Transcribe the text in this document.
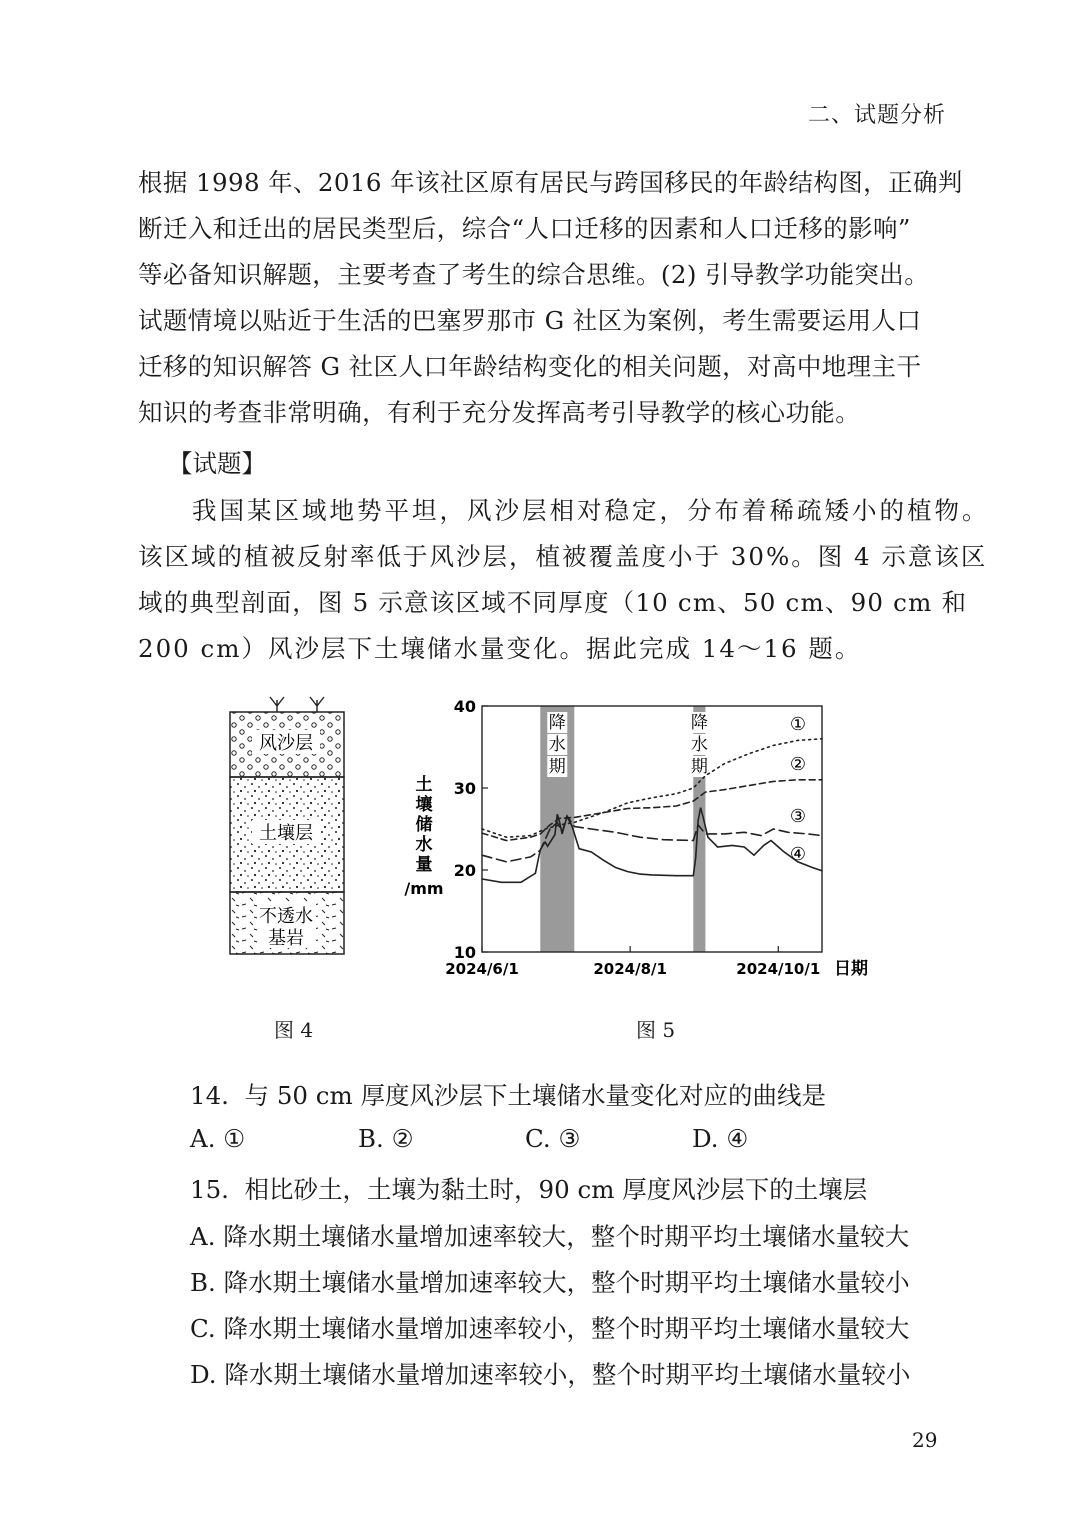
二、试题分析

根据 1998 年、2016 年该社区原有居民与跨国移民的年龄结构图，正确判
断迁入和迁出的居民类型后，综合“人口迁移的因素和人口迁移的影响”
等必备知识解题，主要考查了考生的综合思维。(2) 引导教学功能突出。
试题情境以贴近于生活的巴塞罗那市 G 社区为案例，考生需要运用人口
迁移的知识解答 G 社区人口年龄结构变化的相关问题，对高中地理主干
知识的考查非常明确，有利于充分发挥高考引导教学的核心功能。

【试题】

我国某区域地势平坦，风沙层相对稳定，分布着稀疏矮小的植物。
该区域的植被反射率低于风沙层，植被覆盖度小于 30%。图 4 示意该区
域的典型剖面，图 5 示意该区域不同厚度（10 cm、50 cm、90 cm 和
200 cm）风沙层下土壤储水量变化。据此完成 14～16 题。

风沙层
土壤层
不透水
基岩
图 4
降
水
期
降
水
期
10
20
30
40
2024/6/1	2024/8/1	2024/10/1
土
壤
储
水
量
/mm
日期
①
②
③
④
图 5
14. 与 50 cm 厚度风沙层下土壤储水量变化对应的曲线是
A. ①	B. ②	C. ③	D. ④
15. 相比砂土，土壤为黏土时，90 cm 厚度风沙层下的土壤层
A. 降水期土壤储水量增加速率较大，整个时期平均土壤储水量较大
B. 降水期土壤储水量增加速率较大，整个时期平均土壤储水量较小
C. 降水期土壤储水量增加速率较小，整个时期平均土壤储水量较大
D. 降水期土壤储水量增加速率较小，整个时期平均土壤储水量较小
29
